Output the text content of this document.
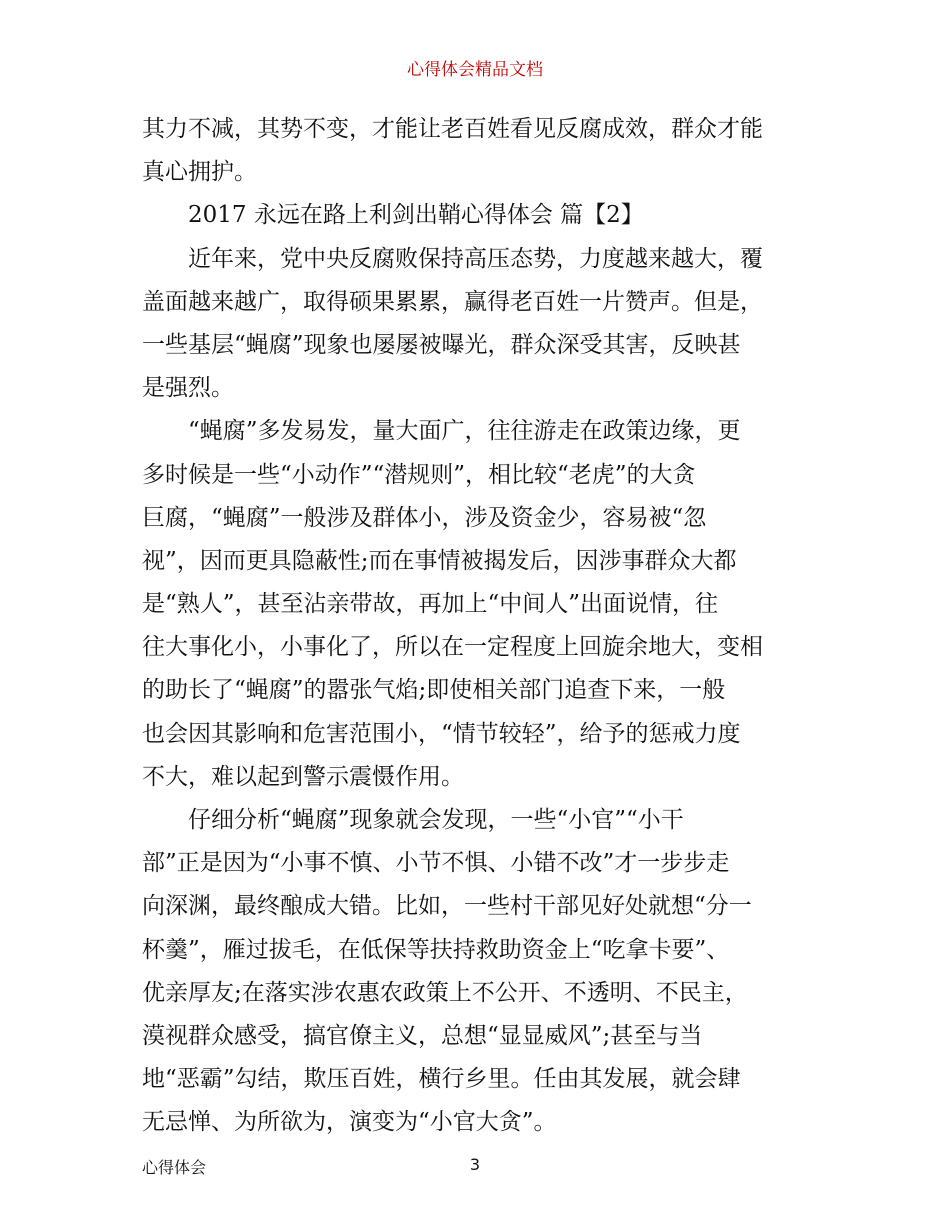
心得体会精品文档
其力不减，其势不变，才能让老百姓看见反腐成效，群众才能
真心拥护。
2017 永远在路上利剑出鞘心得体会 篇【2】
近年来，党中央反腐败保持高压态势，力度越来越大，覆
盖面越来越广，取得硕果累累，赢得老百姓一片赞声。但是，
一些基层“蝇腐”现象也屡屡被曝光，群众深受其害，反映甚
是强烈。
“蝇腐”多发易发，量大面广，往往游走在政策边缘，更
多时候是一些“小动作”“潜规则”，相比较“老虎”的大贪
巨腐，“蝇腐”一般涉及群体小，涉及资金少，容易被“忽
视”，因而更具隐蔽性;而在事情被揭发后，因涉事群众大都
是“熟人”，甚至沾亲带故，再加上“中间人”出面说情，往
往大事化小，小事化了，所以在一定程度上回旋余地大，变相
的助长了“蝇腐”的嚣张气焰;即使相关部门追查下来，一般
也会因其影响和危害范围小，“情节较轻”，给予的惩戒力度
不大，难以起到警示震慑作用。
仔细分析“蝇腐”现象就会发现，一些“小官”“小干
部”正是因为“小事不慎、小节不惧、小错不改”才一步步走
向深渊，最终酿成大错。比如，一些村干部见好处就想“分一
杯羹”，雁过拔毛，在低保等扶持救助资金上“吃拿卡要”、
优亲厚友;在落实涉农惠农政策上不公开、不透明、不民主，
漠视群众感受，搞官僚主义，总想“显显威风”;甚至与当
地“恶霸”勾结，欺压百姓，横行乡里。任由其发展，就会肆
无忌惮、为所欲为，演变为“小官大贪”。
心得体会	3
